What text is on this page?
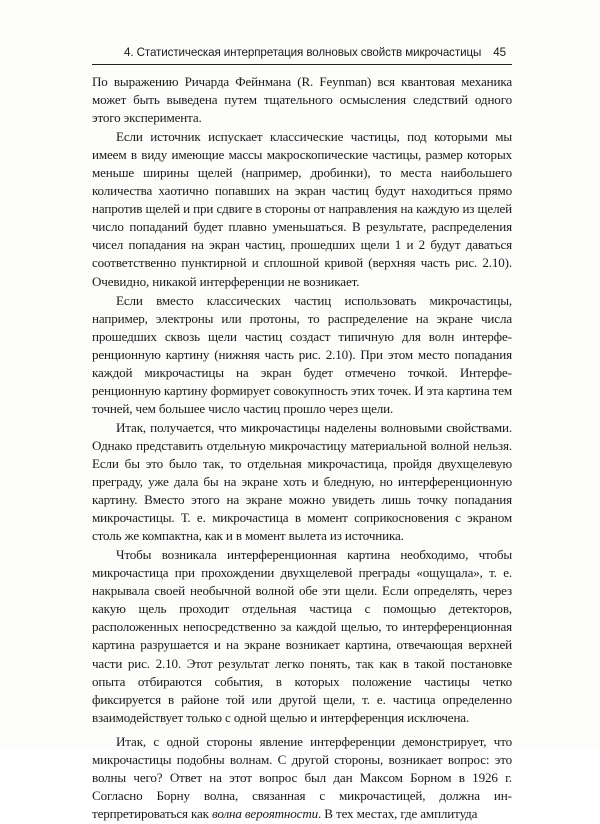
4. Статистическая интерпретация волновых свойств микрочастицы 45

По выражению Ричарда Фейнмана (R. Feynman) вся квантовая механика может быть выведена путем тщательного осмысления следствий одного этого эксперимента.

Если источник испускает классические частицы, под которыми мы имеем в виду имеющие массы макроскопические частицы, размер которых меньше ширины щелей (например, дробинки), то места наибольшего количества хаотично попавших на экран частиц будут находиться прямо напротив щелей и при сдвиге в стороны от направления на каждую из щелей число попаданий будет плавно уменьшаться. В результате, распределения чисел попадания на экран частиц, прошедших щели 1 и 2 будут даваться соответственно пунктирной и сплошной кривой (верхняя часть рис. 2.10). Очевидно, никакой интерференции не возникает.

Если вместо классических частиц использовать микрочастицы, например, электроны или протоны, то распределение на экране числа прошедших сквозь щели частиц создаст типичную для волн интерференционную картину (нижняя часть рис. 2.10). При этом место попадания каждой микрочастицы на экран будет отмечено точкой. Интерференционную картину формирует совокупность этих точек. И эта картина тем точней, чем большее число частиц прошло через щели.

Итак, получается, что микрочастицы наделены волновыми свойствами. Однако представить отдельную микрочастицу материальной волной нельзя. Если бы это было так, то отдельная микрочастица, пройдя двухщелевую преграду, уже дала бы на экране хоть и бледную, но интерференционную картину. Вместо этого на экране можно увидеть лишь точку попадания микрочастицы. Т. е. микрочастица в момент соприкосновения с экраном столь же компактна, как и в момент вылета из источника.

Чтобы возникала интерференционная картина необходимо, чтобы микрочастица при прохождении двухщелевой преграды «ощущала», т. е. накрывала своей необычной волной обе эти щели. Если определять, через какую щель проходит отдельная частица с помощью детекторов, расположенных непосредственно за каждой щелью, то интерференционная картина разрушается и на экране возникает картина, отвечающая верхней части рис. 2.10. Этот результат легко понять, так как в такой постановке опыта отбираются события, в которых положение частицы четко фиксируется в районе той или другой щели, т. е. частица определенно взаимодействует только с одной щелью и интерференция исключена.

Итак, с одной стороны явление интерференции демонстрирует, что микрочастицы подобны волнам. С другой стороны, возникает вопрос: это волны чего? Ответ на этот вопрос был дан Максом Борном в 1926 г. Согласно Борну волна, связанная с микрочастицей, должна интерпретироваться как волна вероятности. В тех местах, где амплитуда
